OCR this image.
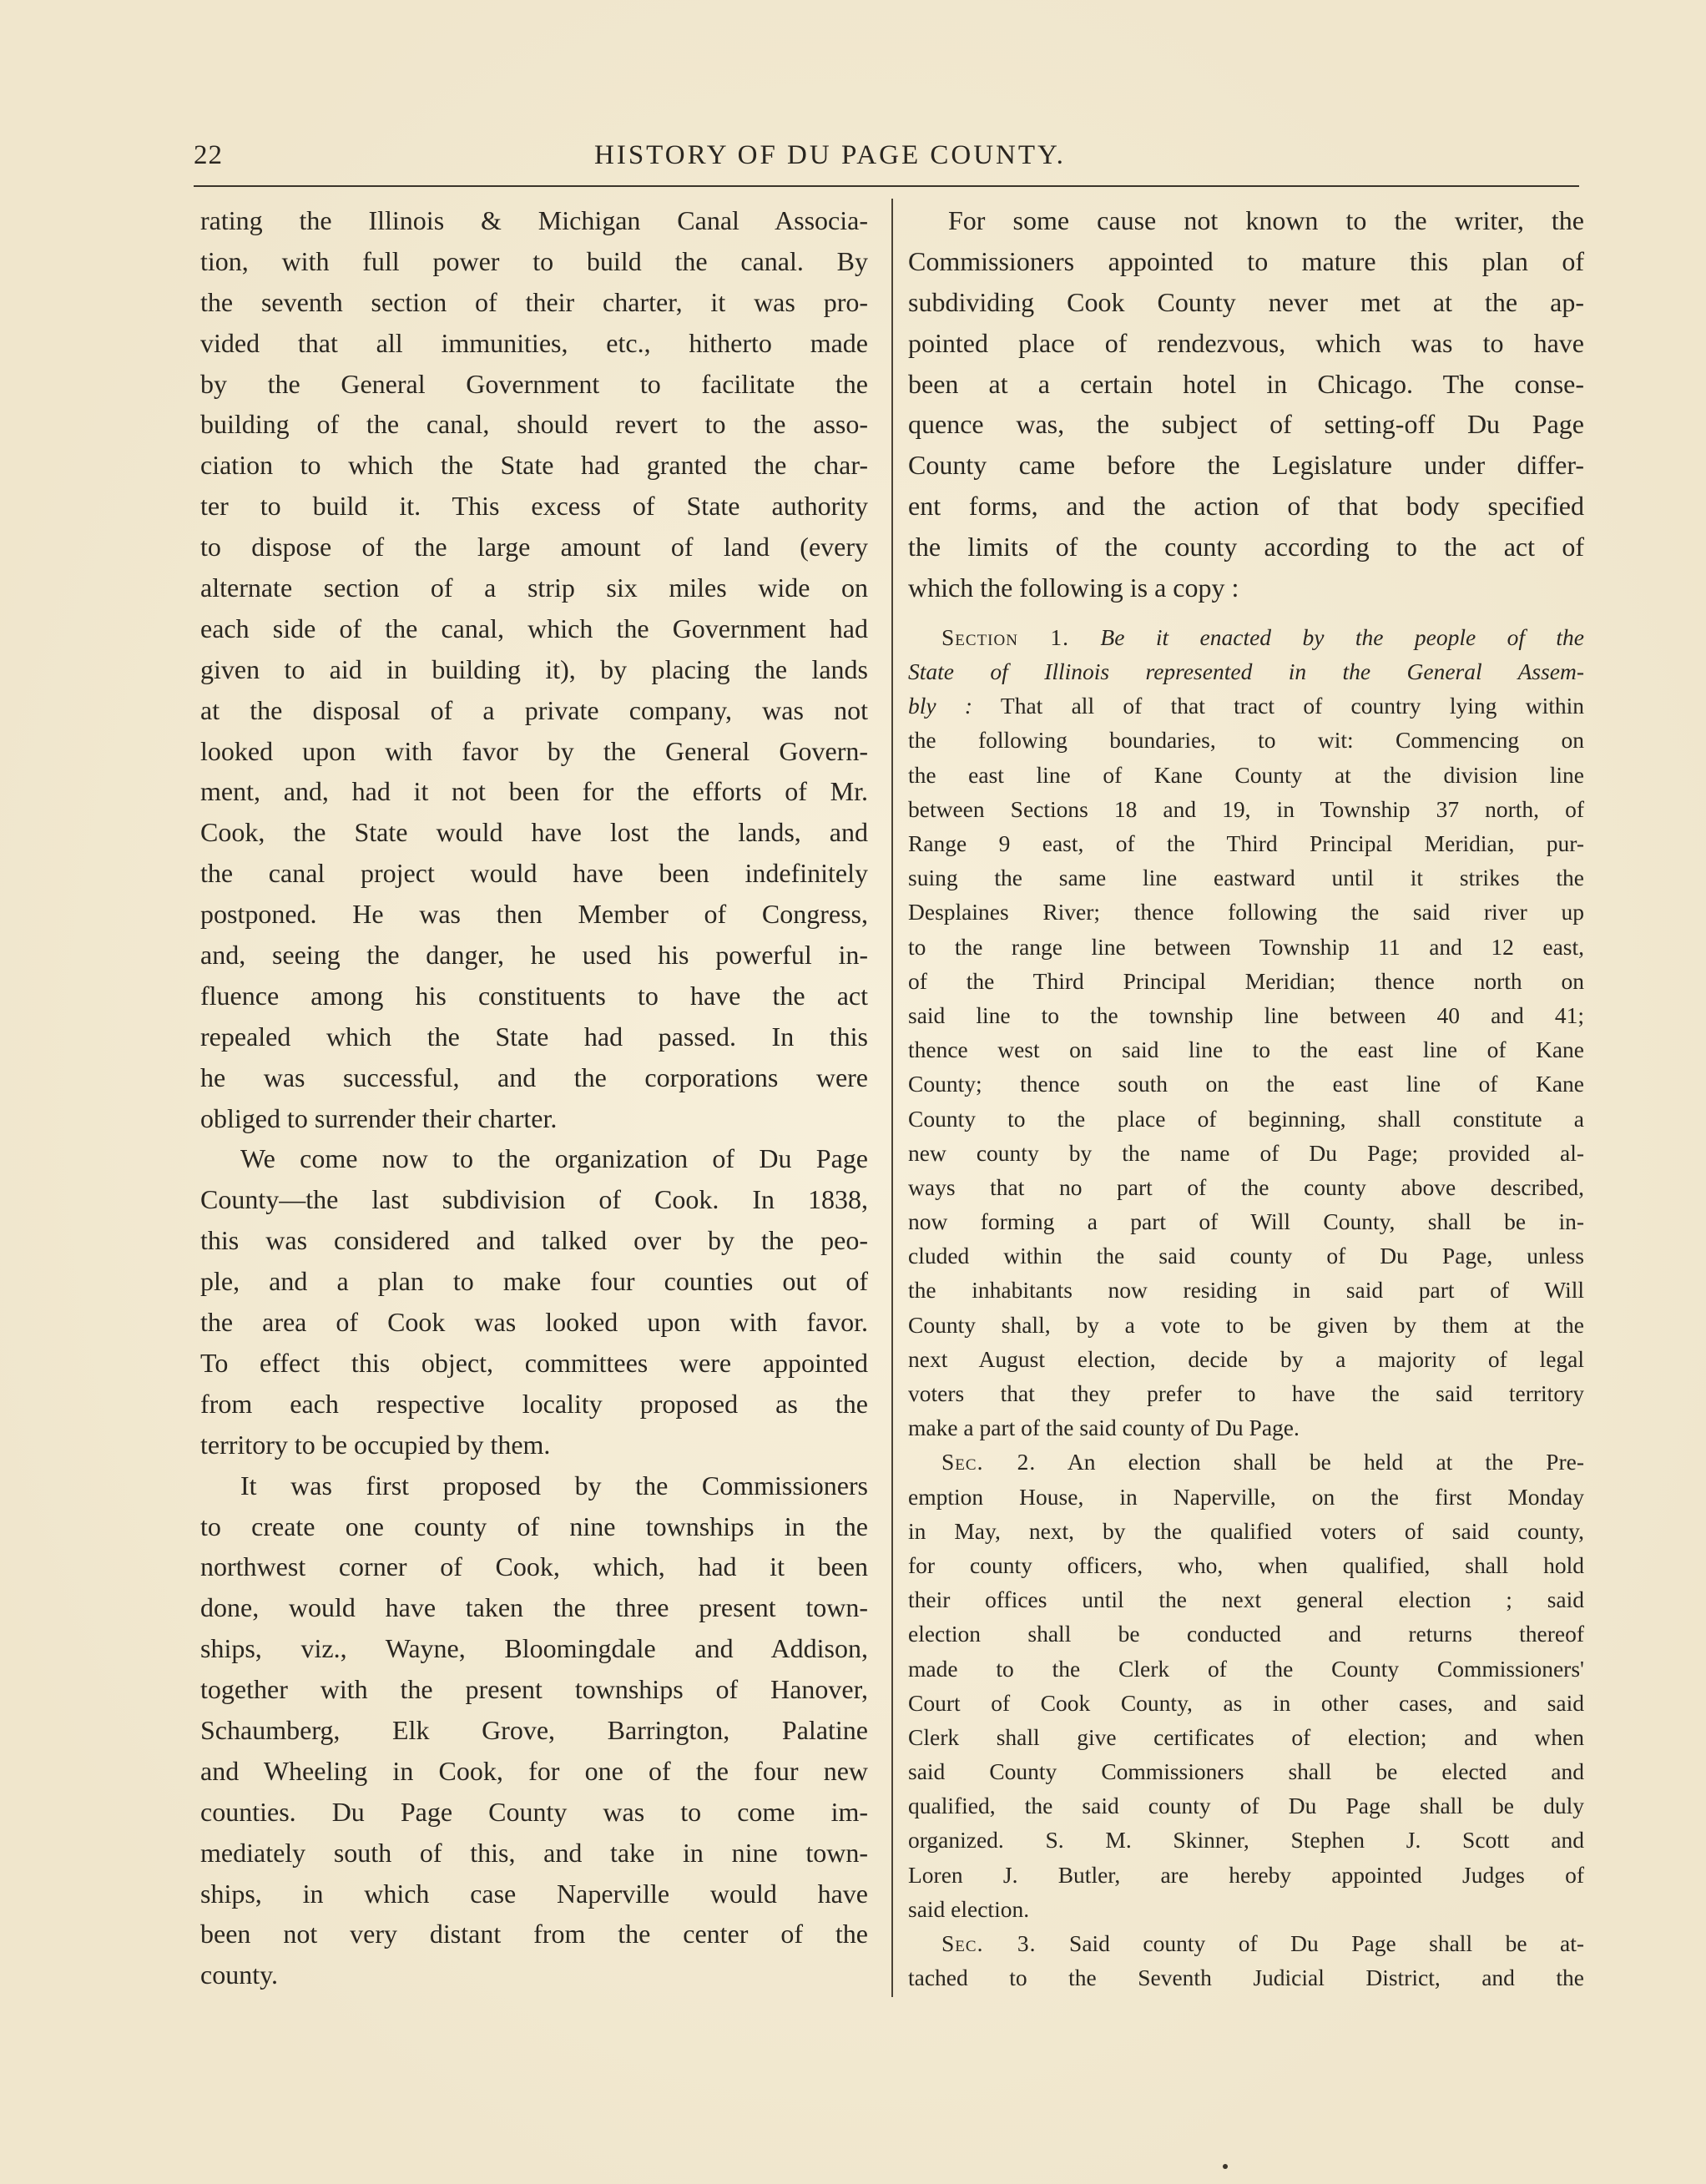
22	HISTORY OF DU PAGE COUNTY.
rating the Illinois & Michigan Canal Associa-
tion, with full power to build the canal. By
the seventh section of their charter, it was pro-
vided that all immunities, etc., hitherto made
by the General Government to facilitate the
building of the canal, should revert to the asso-
ciation to which the State had granted the char-
ter to build it. This excess of State authority
to dispose of the large amount of land (every
alternate section of a strip six miles wide on
each side of the canal, which the Government had
given to aid in building it), by placing the lands
at the disposal of a private company, was not
looked upon with favor by the General Govern-
ment, and, had it not been for the efforts of Mr.
Cook, the State would have lost the lands, and
the canal project would have been indefinitely
postponed. He was then Member of Congress,
and, seeing the danger, he used his powerful in-
fluence among his constituents to have the act
repealed which the State had passed. In this
he was successful, and the corporations were
obliged to surrender their charter.
We come now to the organization of Du Page
County—the last subdivision of Cook. In 1838,
this was considered and talked over by the peo-
ple, and a plan to make four counties out of
the area of Cook was looked upon with favor.
To effect this object, committees were appointed
from each respective locality proposed as the
territory to be occupied by them.
It was first proposed by the Commissioners
to create one county of nine townships in the
northwest corner of Cook, which, had it been
done, would have taken the three present town-
ships, viz., Wayne, Bloomingdale and Addison,
together with the present townships of Hanover,
Schaumberg, Elk Grove, Barrington, Palatine
and Wheeling in Cook, for one of the four new
counties. Du Page County was to come im-
mediately south of this, and take in nine town-
ships, in which case Naperville would have
been not very distant from the center of the
county.
For some cause not known to the writer, the
Commissioners appointed to mature this plan of
subdividing Cook County never met at the ap-
pointed place of rendezvous, which was to have
been at a certain hotel in Chicago. The conse-
quence was, the subject of setting-off Du Page
County came before the Legislature under differ-
ent forms, and the action of that body specified
the limits of the county according to the act of
which the following is a copy :
Section 1. Be it enacted by the people of the
State of Illinois represented in the General Assem-
bly : That all of that tract of country lying within
the following boundaries, to wit: Commencing on
the east line of Kane County at the division line
between Sections 18 and 19, in Township 37 north, of
Range 9 east, of the Third Principal Meridian, pur-
suing the same line eastward until it strikes the
Desplaines River; thence following the said river up
to the range line between Township 11 and 12 east,
of the Third Principal Meridian; thence north on
said line to the township line between 40 and 41;
thence west on said line to the east line of Kane
County; thence south on the east line of Kane
County to the place of beginning, shall constitute a
new county by the name of Du Page; provided al-
ways that no part of the county above described,
now forming a part of Will County, shall be in-
cluded within the said county of Du Page, unless
the inhabitants now residing in said part of Will
County shall, by a vote to be given by them at the
next August election, decide by a majority of legal
voters that they prefer to have the said territory
make a part of the said county of Du Page.
Sec. 2. An election shall be held at the Pre-
emption House, in Naperville, on the first Monday
in May, next, by the qualified voters of said county,
for county officers, who, when qualified, shall hold
their offices until the next general election ; said
election shall be conducted and returns thereof
made to the Clerk of the County Commissioners'
Court of Cook County, as in other cases, and said
Clerk shall give certificates of election; and when
said County Commissioners shall be elected and
qualified, the said county of Du Page shall be duly
organized. S. M. Skinner, Stephen J. Scott and
Loren J. Butler, are hereby appointed Judges of
said election.
Sec. 3. Said county of Du Page shall be at-
tached to the Seventh Judicial District, and the
